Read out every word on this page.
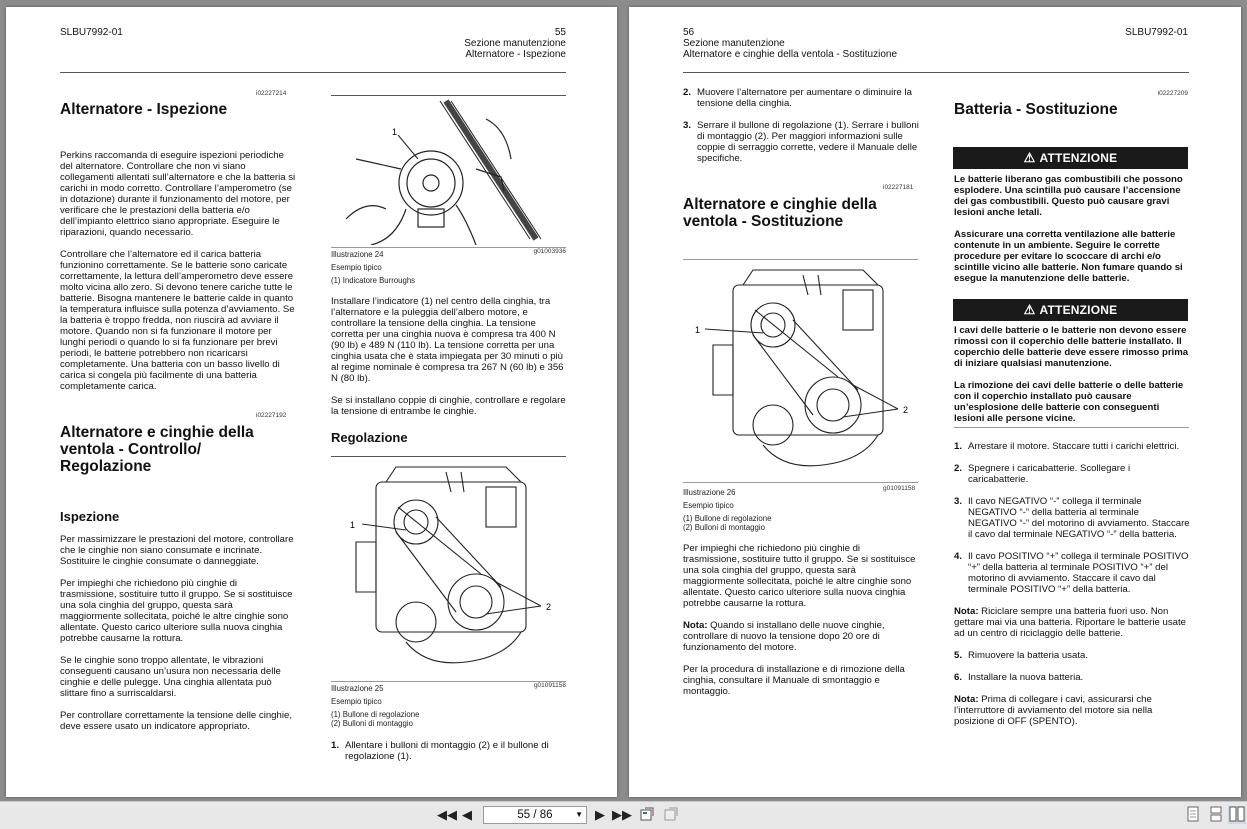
SLBU7992-01	55
Sezione manutenzione
Alternatore - Ispezione
i02227214
Alternatore - Ispezione

Perkins raccomanda di eseguire ispezioni periodiche del alternatore. Controllare che non vi siano collegamenti allentati sull’alternatore e che la batteria si carichi in modo corretto. Controllare l’amperometro (se in dotazione) durante il funzionamento del motore, per verificare che le prestazioni della batteria e/o dell’impianto elettrico siano appropriate. Eseguire le riparazioni, quando necessario.

Controllare che l’alternatore ed il carica batteria funzionino correttamente. Se le batterie sono caricate correttamente, la lettura dell’amperometro deve essere molto vicina allo zero. Si devono tenere cariche tutte le batterie. Bisogna mantenere le batterie calde in quanto la temperatura influisce sulla potenza d’avviamento. Se la batteria è troppo fredda, non riuscirà ad avviare il motore. Quando non si fa funzionare il motore per lunghi periodi o quando lo si fa funzionare per brevi periodi, le batterie potrebbero non ricaricarsi completamente. Una batteria con un basso livello di carica si congela più facilmente di una batteria completamente carica.

i02227192
Alternatore e cinghie della ventola - Controllo/ Regolazione
Ispezione

Per massimizzare le prestazioni del motore, controllare che le cinghie non siano consumate e incrinate. Sostituire le cinghie consumate o danneggiate.

Per impieghi che richiedono più cinghie di trasmissione, sostituire tutto il gruppo. Se si sostituisce una sola cinghia del gruppo, questa sarà maggiormente sollecitata, poiché le altre cinghie sono allentate. Questo carico ulteriore sulla nuova cinghia potrebbe causarne la rottura.

Se le cinghie sono troppo allentate, le vibrazioni conseguenti causano un’usura non necessaria delle cinghie e delle pulegge. Una cinghia allentata può slittare fino a surriscaldarsi.

Per controllare correttamente la tensione delle cinghie, deve essere usato un indicatore appropriato.

1
Illustrazione 24	g01003936
Esempio tipico
(1) Indicatore Burroughs

Installare l’indicatore (1) nel centro della cinghia, tra l’alternatore e la puleggia dell’albero motore, e controllare la tensione della cinghia. La tensione corretta per una cinghia nuova è compresa tra 400 N (90 lb) e 489 N (110 lb). La tensione corretta per una cinghia usata che è stata impiegata per 30 minuti o più al regime nominale è compresa tra 267 N (60 lb) e 356 N (80 lb).

Se si installano coppie di cinghie, controllare e regolare la tensione di entrambe le cinghie.

Regolazione
1
2
Illustrazione 25	g01091158
Esempio tipico
(1) Bullone di regolazione
(2) Bulloni di montaggio
1. Allentare i bulloni di montaggio (2) e il bullone di regolazione (1).
56
Sezione manutenzione
Alternatore e cinghie della ventola - Sostituzione
SLBU7992-01
2. Muovere l’alternatore per aumentare o diminuire la tensione della cinghia.
3. Serrare il bullone di regolazione (1). Serrare i bulloni di montaggio (2). Per maggiori informazioni sulle coppie di serraggio corrette, vedere il Manuale delle specifiche.
i02227181
Alternatore e cinghie della ventola - Sostituzione
1
2
Illustrazione 26	g01091158
Esempio tipico
(1) Bullone di regolazione
(2) Bulloni di montaggio

Per impieghi che richiedono più cinghie di trasmissione, sostituire tutto il gruppo. Se si sostituisce una sola cinghia del gruppo, questa sarà maggiormente sollecitata, poiché le altre cinghie sono allentate. Questo carico ulteriore sulla nuova cinghia potrebbe causarne la rottura.

Nota: Quando si installano delle nuove cinghie, controllare di nuovo la tensione dopo 20 ore di funzionamento del motore.

Per la procedura di installazione e di rimozione della cinghia, consultare il Manuale di smontaggio e montaggio.

i02227209
Batteria - Sostituzione
⚠ ATTENZIONE

Le batterie liberano gas combustibili che possono esplodere. Una scintilla può causare l’accensione dei gas combustibili. Questo può causare gravi lesioni anche letali.

Assicurare una corretta ventilazione alle batterie contenute in un ambiente. Seguire le corrette procedure per evitare lo scoccare di archi e/o scintille vicino alle batterie. Non fumare quando si esegue la manutenzione delle batterie.

⚠ ATTENZIONE

I cavi delle batterie o le batterie non devono essere rimossi con il coperchio delle batterie installato. Il coperchio delle batterie deve essere rimosso prima di iniziare qualsiasi manutenzione.

La rimozione dei cavi delle batterie o delle batterie con il coperchio installato può causare un’esplosione delle batterie con conseguenti lesioni alle persone vicine.

1. Arrestare il motore. Staccare tutti i carichi elettrici.
2. Spegnere i caricabatterie. Scollegare i caricabatterie.
3. Il cavo NEGATIVO “-” collega il terminale NEGATIVO “-” della batteria al terminale NEGATIVO “-” del motorino di avviamento. Staccare il cavo dal terminale NEGATIVO “-” della batteria.
4. Il cavo POSITIVO “+” collega il terminale POSITIVO “+” della batteria al terminale POSITIVO “+” del motorino di avviamento. Staccare il cavo dal terminale POSITIVO “+” della batteria.
Nota: Riciclare sempre una batteria fuori uso. Non gettare mai via una batteria. Riportare le batterie usate ad un centro di riciclaggio delle batterie.
5. Rimuovere la batteria usata.
6. Installare la nuova batteria.
Nota: Prima di collegare i cavi, assicurarsi che l’interruttore di avviamento del motore sia nella posizione di OFF (SPENTO).
◀◀ ◀	55 / 86	▼ ▶ ▶▶
